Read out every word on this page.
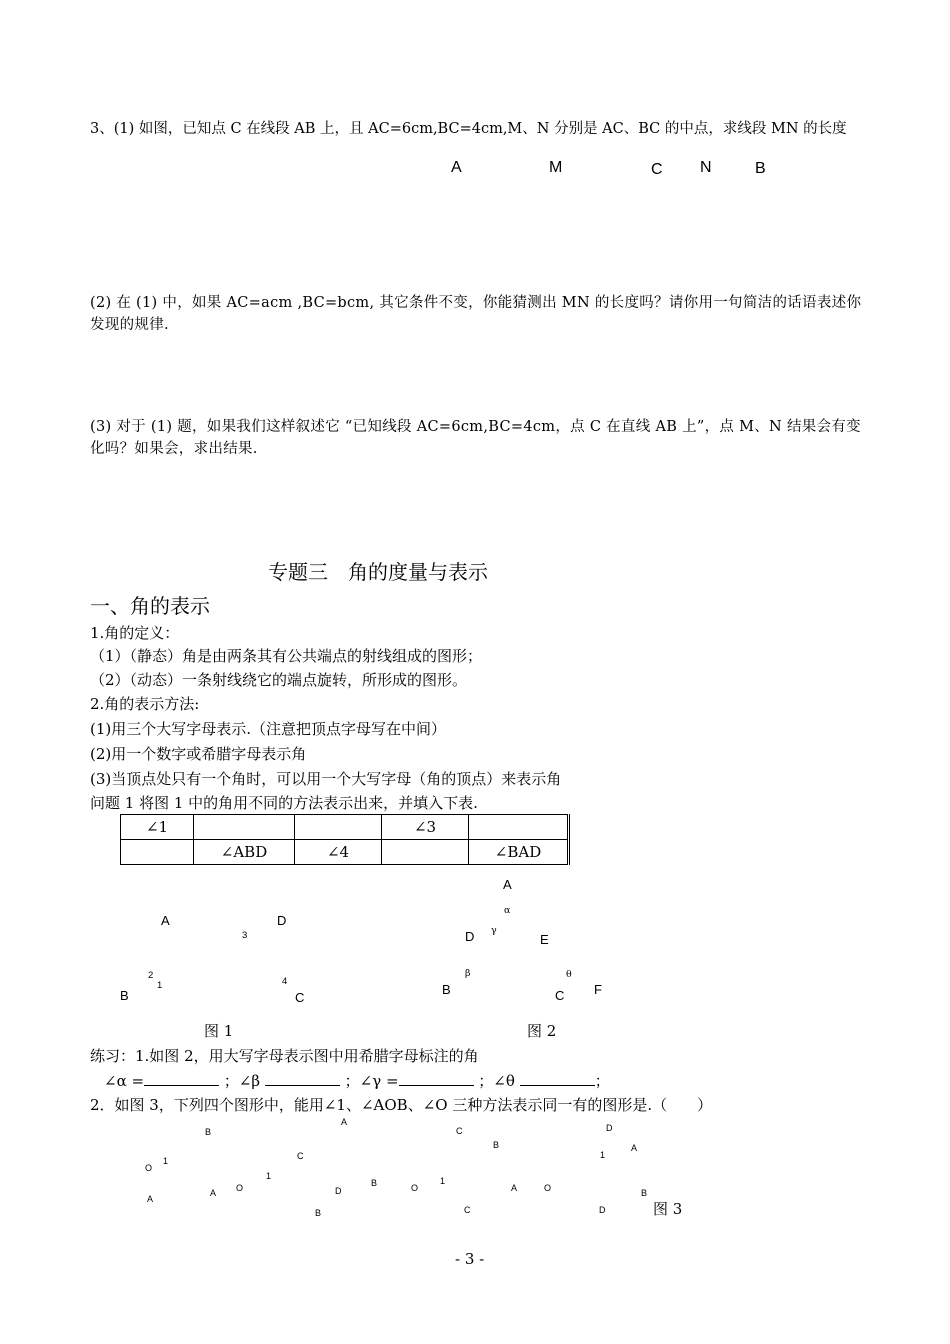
3、(1) 如图，已知点 C 在线段 AB 上，且 AC=6cm,BC=4cm,M、N 分别是 AC、BC 的中点，求线段 MN 的长度
A	M	C N	B
(2) 在 (1) 中，如果 AC=acm ,BC=bcm, 其它条件不变，你能猜测出 MN 的长度吗？请你用一句简洁的话语表述你发现的规律.
(3) 对于 (1) 题，如果我们这样叙述它 “已知线段 AC=6cm,BC=4cm，点 C 在直线 AB 上”，点 M、N 结果会有变化吗？如果会，求出结果.
专题三　角的度量与表示
一、角的表示
1.角的定义：
（1）（静态）角是由两条其有公共端点的射线组成的图形；
（2）（动态）一条射线绕它的端点旋转，所形成的图形。
2.角的表示方法:
(1)用三个大写字母表示.（注意把顶点字母写在中间）
(2)用一个数字或希腊字母表示角
(3)当顶点处只有一个角时，可以用一个大写字母（角的顶点）来表示角
问题 1 将图 1 中的角用不同的方法表示出来，并填入下表.
∠1			∠3	
	∠ABD	∠4		∠BAD
A	D
3
2
1	4
B	C
图 1
A
α
D γ
E
β	θ
B	C F
图 2
练习：1.如图 2，用大写字母表示图中用希腊字母标注的角
∠α =	；∠β	；∠γ =	；∠θ	；
2．如图 3，下列四个图形中，能用∠1、∠AOB、∠O 三种方法表示同一有的图形是.（　　）
B
O
1
A
A
C
A
O
1
D
B
C
B
B	O
1
A
C
O
D
A
1
B
D	图 3
- 3 -
